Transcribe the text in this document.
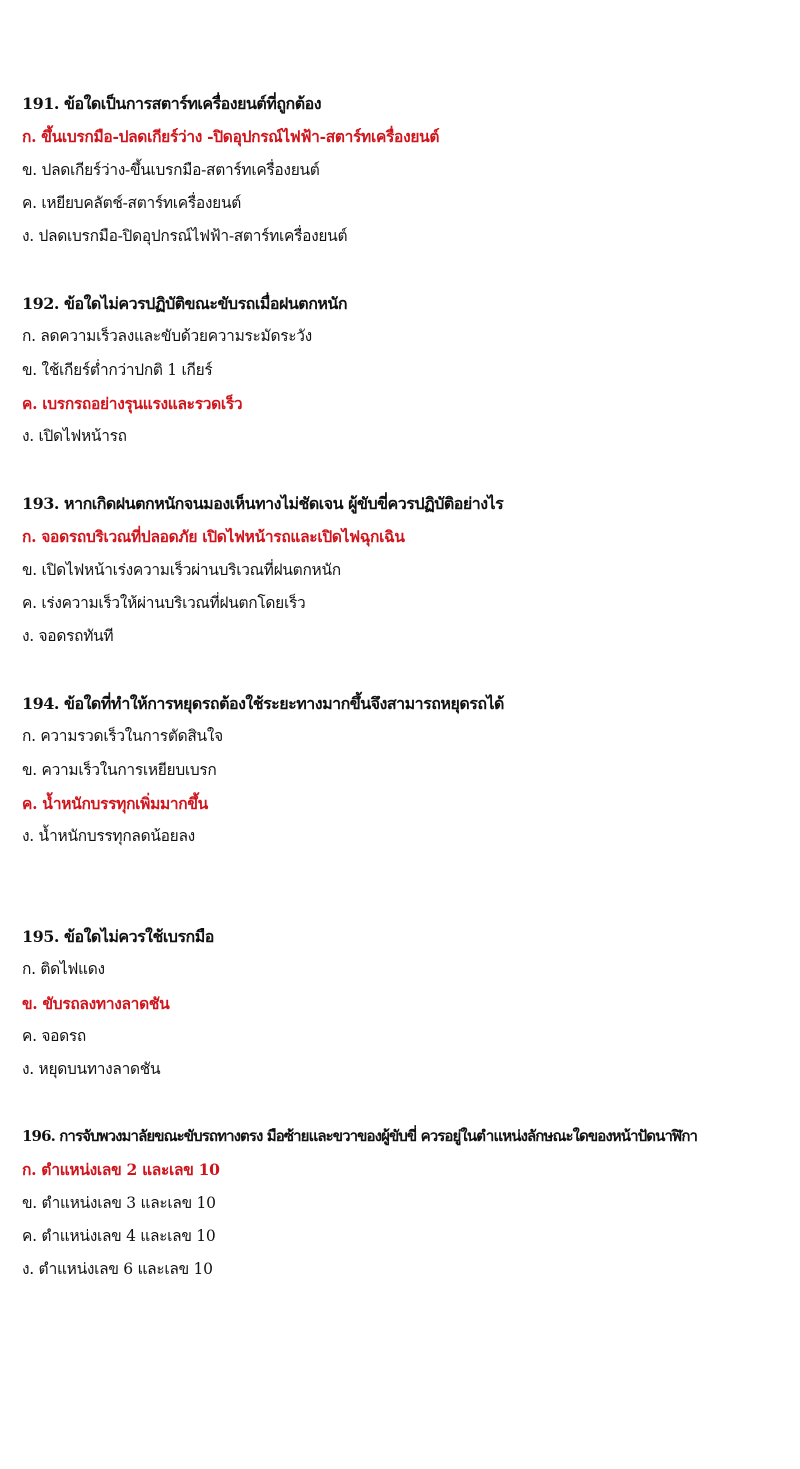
191. ข้อใดเป็นการสตาร์ทเครื่องยนต์ที่ถูกต้อง
ก. ขึ้นเบรกมือ-ปลดเกียร์ว่าง -ปิดอุปกรณ์ไฟฟ้า-สตาร์ทเครื่องยนต์
ข. ปลดเกียร์ว่าง-ขึ้นเบรกมือ-สตาร์ทเครื่องยนต์
ค. เหยียบคลัตช์-สตาร์ทเครื่องยนต์
ง. ปลดเบรกมือ-ปิดอุปกรณ์ไฟฟ้า-สตาร์ทเครื่องยนต์
192. ข้อใดไม่ควรปฏิบัติขณะขับรถเมื่อฝนตกหนัก
ก. ลดความเร็วลงและขับด้วยความระมัดระวัง
ข. ใช้เกียร์ต่ำกว่าปกติ 1 เกียร์
ค. เบรกรถอย่างรุนแรงและรวดเร็ว
ง. เปิดไฟหน้ารถ
193. หากเกิดฝนตกหนักจนมองเห็นทางไม่ชัดเจน ผู้ขับขี่ควรปฏิบัติอย่างไร
ก. จอดรถบริเวณที่ปลอดภัย เปิดไฟหน้ารถและเปิดไฟฉุกเฉิน
ข. เปิดไฟหน้าเร่งความเร็วผ่านบริเวณที่ฝนตกหนัก
ค. เร่งความเร็วให้ผ่านบริเวณที่ฝนตกโดยเร็ว
ง. จอดรถทันที
194. ข้อใดที่ทำให้การหยุดรถต้องใช้ระยะทางมากขึ้นจึงสามารถหยุดรถได้
ก. ความรวดเร็วในการตัดสินใจ
ข. ความเร็วในการเหยียบเบรก
ค. น้ำหนักบรรทุกเพิ่มมากขึ้น
ง. น้ำหนักบรรทุกลดน้อยลง
195. ข้อใดไม่ควรใช้เบรกมือ
ก. ติดไฟแดง
ข. ขับรถลงทางลาดชัน
ค. จอดรถ
ง. หยุดบนทางลาดชัน
196. การจับพวงมาลัยขณะขับรถทางตรง มือซ้ายและขวาของผู้ขับขี่ ควรอยู่ในตำแหน่งลักษณะใดของหน้าปัดนาฬิกา
ก. ตำแหน่งเลข 2 และเลข 10
ข. ตำแหน่งเลข 3 และเลข 10
ค. ตำแหน่งเลข 4 และเลข 10
ง. ตำแหน่งเลข 6 และเลข 10
